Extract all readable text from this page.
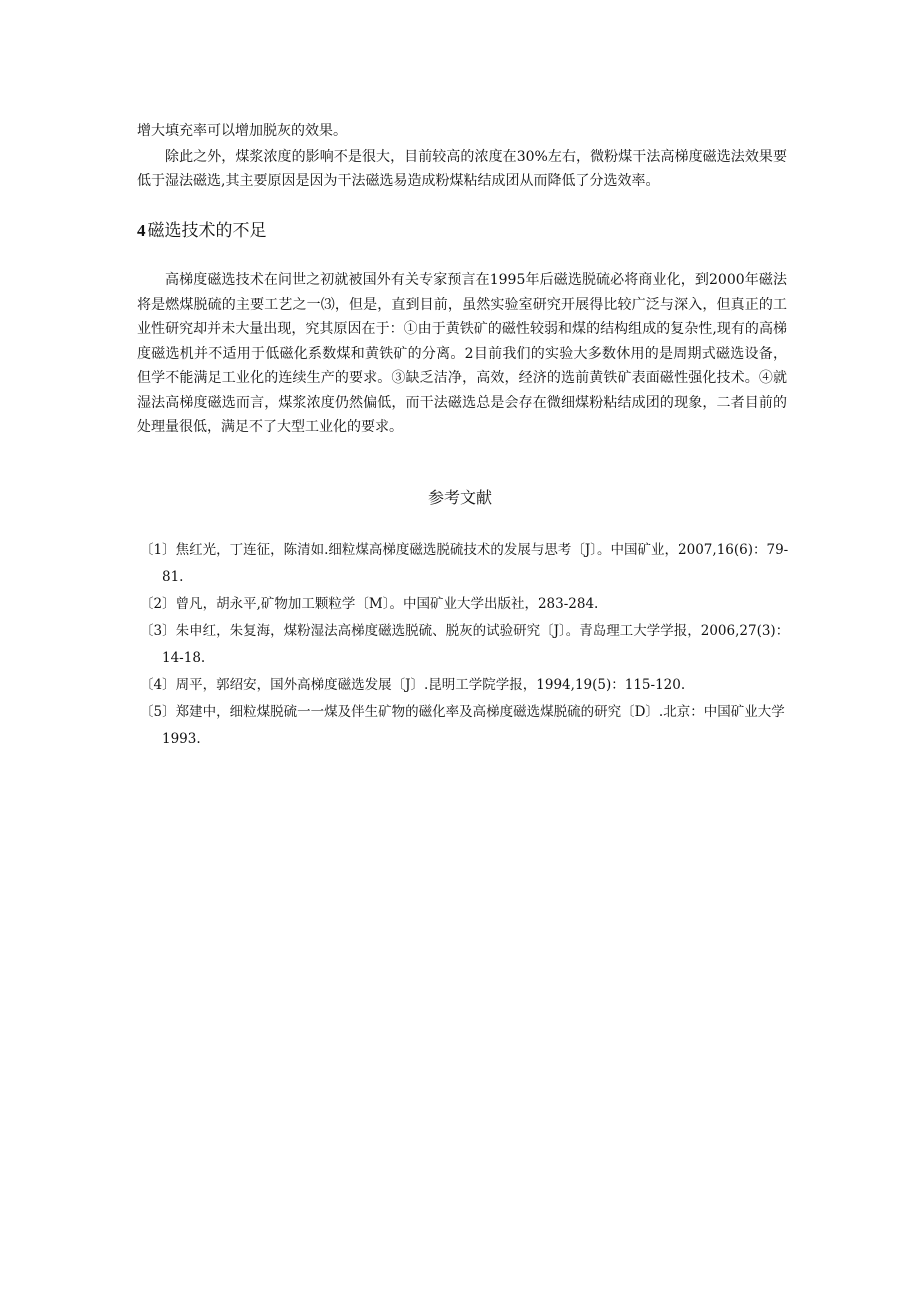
增大填充率可以增加脱灰的效果。

除此之外，煤浆浓度的影响不是很大，目前较高的浓度在30%左右，微粉煤干法高梯度磁选法效果要低于湿法磁选,其主要原因是因为干法磁选易造成粉煤粘结成团从而降低了分选效率。

4 磁选技术的不足

高梯度磁选技术在问世之初就被国外有关专家预言在1995年后磁选脱硫必将商业化，到2000年磁法将是燃煤脱硫的主要工艺之一⑶，但是，直到目前，虽然实验室研究开展得比较广泛与深入，但真正的工业性研究却并未大量出现，究其原因在于：①由于黄铁矿的磁性较弱和煤的结构组成的复杂性,现有的高梯度磁选机并不适用于低磁化系数煤和黄铁矿的分离。2目前我们的实验大多数休用的是周期式磁选设备，但学不能满足工业化的连续生产的要求。③缺乏洁净，高效，经济的选前黄铁矿表面磁性强化技术。④就湿法高梯度磁选而言，煤浆浓度仍然偏低，而干法磁选总是会存在微细煤粉粘结成团的现象，二者目前的处理量很低，满足不了大型工业化的要求。

参考文献
〔1〕焦红光，丁连征，陈清如.细粒煤高梯度磁选脱硫技术的发展与思考〔J〕。中国矿业，2007,16(6)：79-81.
〔2〕曾凡，胡永平,矿物加工颗粒学〔M〕。中国矿业大学出版社，283-284.
〔3〕朱申红，朱复海，煤粉湿法高梯度磁选脱硫、脱灰的试验研究〔J〕。青岛理工大学学报，2006,27(3)：14-18.
〔4〕周平，郭绍安，国外高梯度磁选发展〔J〕.昆明工学院学报，1994,19(5)：115-120.
〔5〕郑建中，细粒煤脱硫一一煤及伴生矿物的磁化率及高梯度磁选煤脱硫的研究〔D〕.北京：中国矿业大学1993.
